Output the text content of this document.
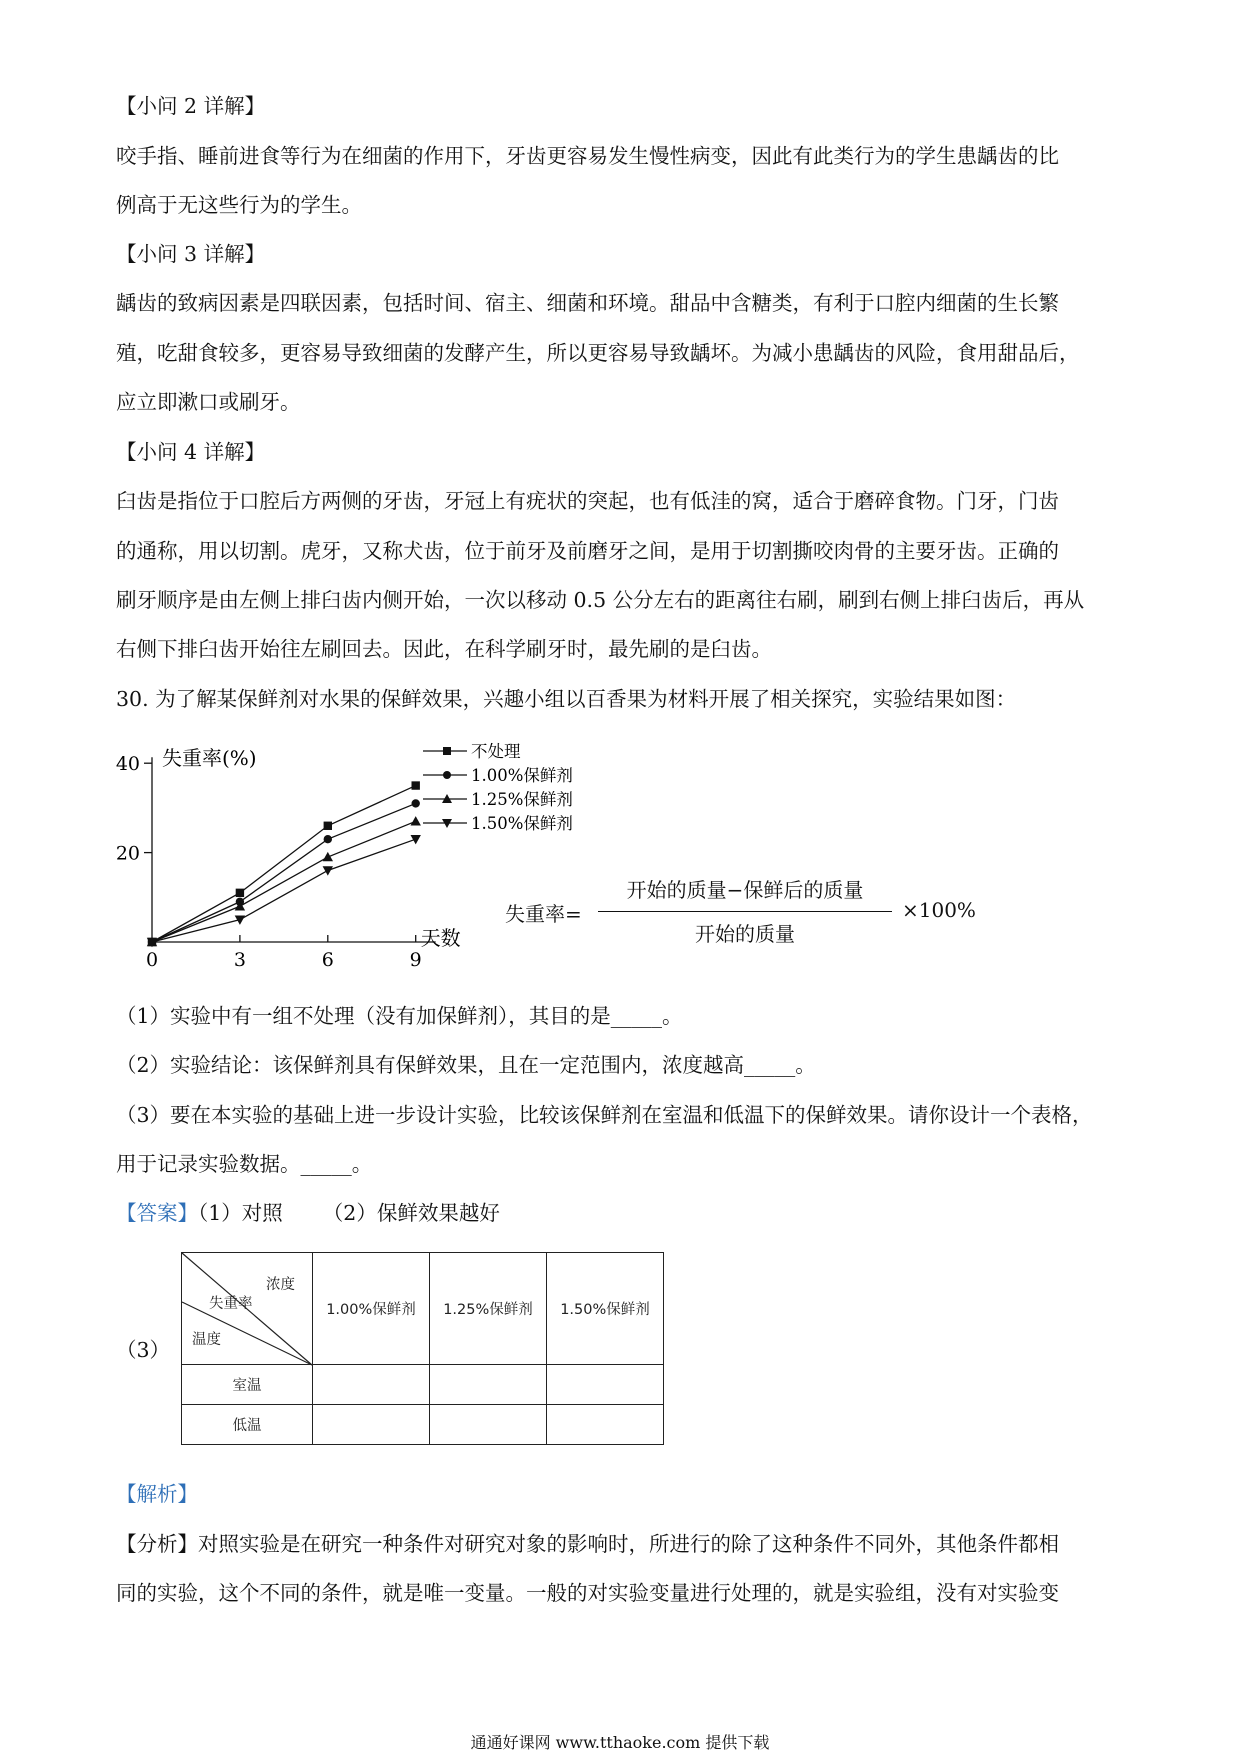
【小问 2 详解】
咬手指、睡前进食等行为在细菌的作用下，牙齿更容易发生慢性病变，因此有此类行为的学生患龋齿的比
例高于无这些行为的学生。
【小问 3 详解】
龋齿的致病因素是四联因素，包括时间、宿主、细菌和环境。甜品中含糖类，有利于口腔内细菌的生长繁
殖，吃甜食较多，更容易导致细菌的发酵产生，所以更容易导致龋坏。为减小患龋齿的风险，食用甜品后，
应立即漱口或刷牙。
【小问 4 详解】
臼齿是指位于口腔后方两侧的牙齿，牙冠上有疣状的突起，也有低洼的窝，适合于磨碎食物。门牙，门齿
的通称，用以切割。虎牙，又称犬齿，位于前牙及前磨牙之间，是用于切割撕咬肉骨的主要牙齿。正确的
刷牙顺序是由左侧上排臼齿内侧开始，一次以移动 0.5 公分左右的距离往右刷，刷到右侧上排臼齿后，再从
右侧下排臼齿开始往左刷回去。因此，在科学刷牙时，最先刷的是臼齿。
30. 为了解某保鲜剂对水果的保鲜效果，兴趣小组以百香果为材料开展了相关探究，实验结果如图：
20
40
0	3	6	9
失重率(%)
天数
不处理
1.00%保鲜剂
1.25%保鲜剂
1.50%保鲜剂
失重率=
开始的质量−保鲜后的质量
开始的质量
×100%
（1）实验中有一组不处理（没有加保鲜剂），其目的是_____。
（2）实验结论：该保鲜剂具有保鲜效果，且在一定范围内，浓度越高_____。
（3）要在本实验的基础上进一步设计实验，比较该保鲜剂在室温和低温下的保鲜效果。请你设计一个表格，
用于记录实验数据。_____。
【答案】（1）对照 （2）保鲜效果越好
（3）
浓度
失重率
温度	1.00%保鲜剂	1.25%保鲜剂	1.50%保鲜剂
室温			
低温			
【解析】
【分析】对照实验是在研究一种条件对研究对象的影响时，所进行的除了这种条件不同外，其他条件都相
同的实验，这个不同的条件，就是唯一变量。一般的对实验变量进行处理的，就是实验组，没有对实验变
通通好课网 www.tthaoke.com 提供下载
